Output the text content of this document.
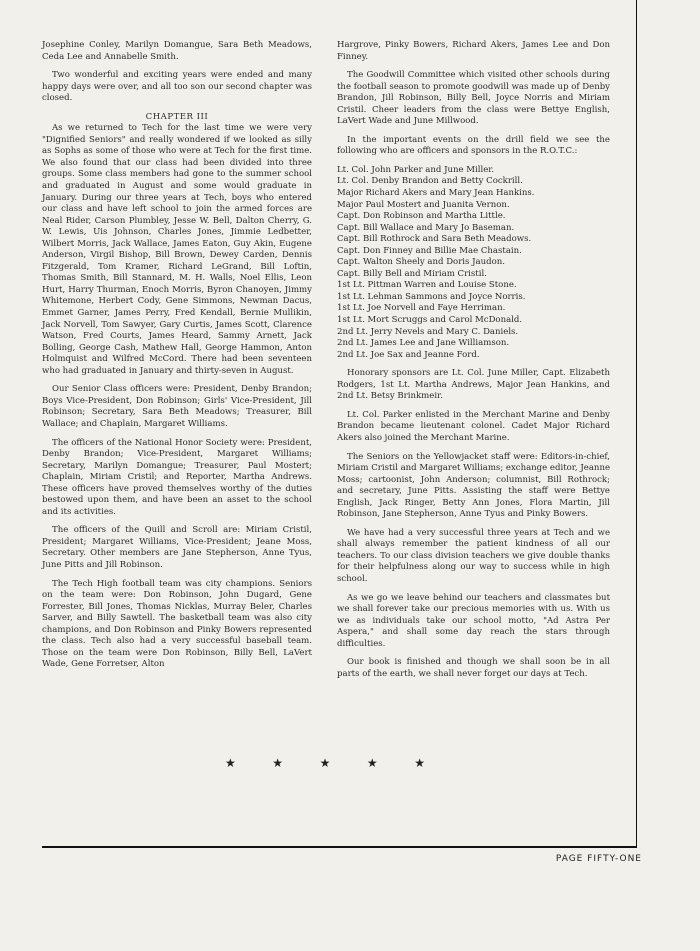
Josephine Conley, Marilyn Domangue, Sara Beth Meadows, Ceda Lee and Annabelle Smith.

Two wonderful and exciting years were ended and many happy days were over, and all too son our second chapter was closed.

CHAPTER III

As we returned to Tech for the last time we were very "Dignified Seniors" and really wondered if we looked as silly as Sophs as some of those who were at Tech for the first time. We also found that our class had been divided into three groups. Some class members had gone to the summer school and graduated in August and some would graduate in January. During our three years at Tech, boys who entered our class and have left school to join the armed forces are Neal Rider, Carson Plumbley, Jesse W. Bell, Dalton Cherry, G. W. Lewis, Uis Johnson, Charles Jones, Jimmie Ledbetter, Wilbert Morris, Jack Wallace, James Eaton, Guy Akin, Eugene Anderson, Virgil Bishop, Bill Brown, Dewey Carden, Dennis Fitzgerald, Tom Kramer, Richard LeGrand, Bill Loftin, Thomas Smith, Bill Stannard, M. H. Walls, Noel Ellis, Leon Hurt, Harry Thurman, Enoch Morris, Byron Chanoyen, Jimmy Whitemone, Herbert Cody, Gene Simmons, Newman Dacus, Emmet Garner, James Perry, Fred Kendall, Bernie Mullikin, Jack Norvell, Tom Sawyer, Gary Curtis, James Scott, Clarence Watson, Fred Courts, James Heard, Sammy Arnett, Jack Bolling, George Cash, Mathew Hall, George Hammon, Anton Holmquist and Wilfred McCord. There had been seventeen who had graduated in January and thirty-seven in August.

Our Senior Class officers were: President, Denby Brandon; Boys Vice-President, Don Robinson; Girls' Vice-President, Jill Robinson; Secretary, Sara Beth Meadows; Treasurer, Bill Wallace; and Chaplain, Margaret Williams.

The officers of the National Honor Society were: President, Denby Brandon; Vice-President, Margaret Williams; Secretary, Marilyn Domangue; Treasurer, Paul Mostert; Chaplain, Miriam Cristil; and Reporter, Martha Andrews. These officers have proved themselves worthy of the duties bestowed upon them, and have been an asset to the school and its activities.

The officers of the Quill and Scroll are: Miriam Cristil, President; Margaret Williams, Vice-President; Jeane Moss, Secretary. Other members are Jane Stepherson, Anne Tyus, June Pitts and Jill Robinson.

The Tech High football team was city champions. Seniors on the team were: Don Robinson, John Dugard, Gene Forrester, Bill Jones, Thomas Nicklas, Murray Beler, Charles Sarver, and Billy Sawtell. The basketball team was also city champions, and Don Robinson and Pinky Bowers represented the class. Tech also had a very successful baseball team. Those on the team were Don Robinson, Billy Bell, LaVert Wade, Gene Forretser, Alton

Hargrove, Pinky Bowers, Richard Akers, James Lee and Don Finney.

The Goodwill Committee which visited other schools during the football season to promote goodwill was made up of Denby Brandon, Jill Robinson, Billy Bell, Joyce Norris and Miriam Cristil. Cheer leaders from the class were Bettye English, LaVert Wade and June Millwood.

In the important events on the drill field we see the following who are officers and sponsors in the R.O.T.C.:

Lt. Col. John Parker and June Miller.
Lt. Col. Denby Brandon and Betty Cockrill.
Major Richard Akers and Mary Jean Hankins.
Major Paul Mostert and Juanita Vernon.
Capt. Don Robinson and Martha Little.
Capt. Bill Wallace and Mary Jo Baseman.
Capt. Bill Rothrock and Sara Beth Meadows.
Capt. Don Finney and Billie Mae Chastain.
Capt. Walton Sheely and Doris Jaudon.
Capt. Billy Bell and Miriam Cristil.
1st Lt. Pittman Warren and Louise Stone.
1st Lt. Lehman Sammons and Joyce Norris.
1st Lt. Joe Norvell and Faye Herriman.
1st Lt. Mort Scruggs and Carol McDonald.
2nd Lt. Jerry Nevels and Mary C. Daniels.
2nd Lt. James Lee and Jane Williamson.
2nd Lt. Joe Sax and Jeanne Ford.

Honorary sponsors are Lt. Col. June Miller, Capt. Elizabeth Rodgers, 1st Lt. Martha Andrews, Major Jean Hankins, and 2nd Lt. Betsy Brinkmeir.

Lt. Col. Parker enlisted in the Merchant Marine and Denby Brandon became lieutenant colonel. Cadet Major Richard Akers also joined the Merchant Marine.

The Seniors on the Yellowjacket staff were: Editors-in-chief, Miriam Cristil and Margaret Williams; exchange editor, Jeanne Moss; cartoonist, John Anderson; columnist, Bill Rothrock; and secretary, June Pitts. Assisting the staff were Bettye English, Jack Ringer, Betty Ann Jones, Flora Martin, Jill Robinson, Jane Stepherson, Anne Tyus and Pinky Bowers.

We have had a very successful three years at Tech and we shall always remember the patient kindness of all our teachers. To our class division teachers we give double thanks for their helpfulness along our way to success while in high school.

As we go we leave behind our teachers and classmates but we shall forever take our precious memories with us. With us we as individuals take our school motto, "Ad Astra Per Aspera," and shall some day reach the stars through difficulties.

Our book is finished and though we shall soon be in all parts of the earth, we shall never forget our days at Tech.

★	★	★	★	★
PAGE FIFTY-ONE
